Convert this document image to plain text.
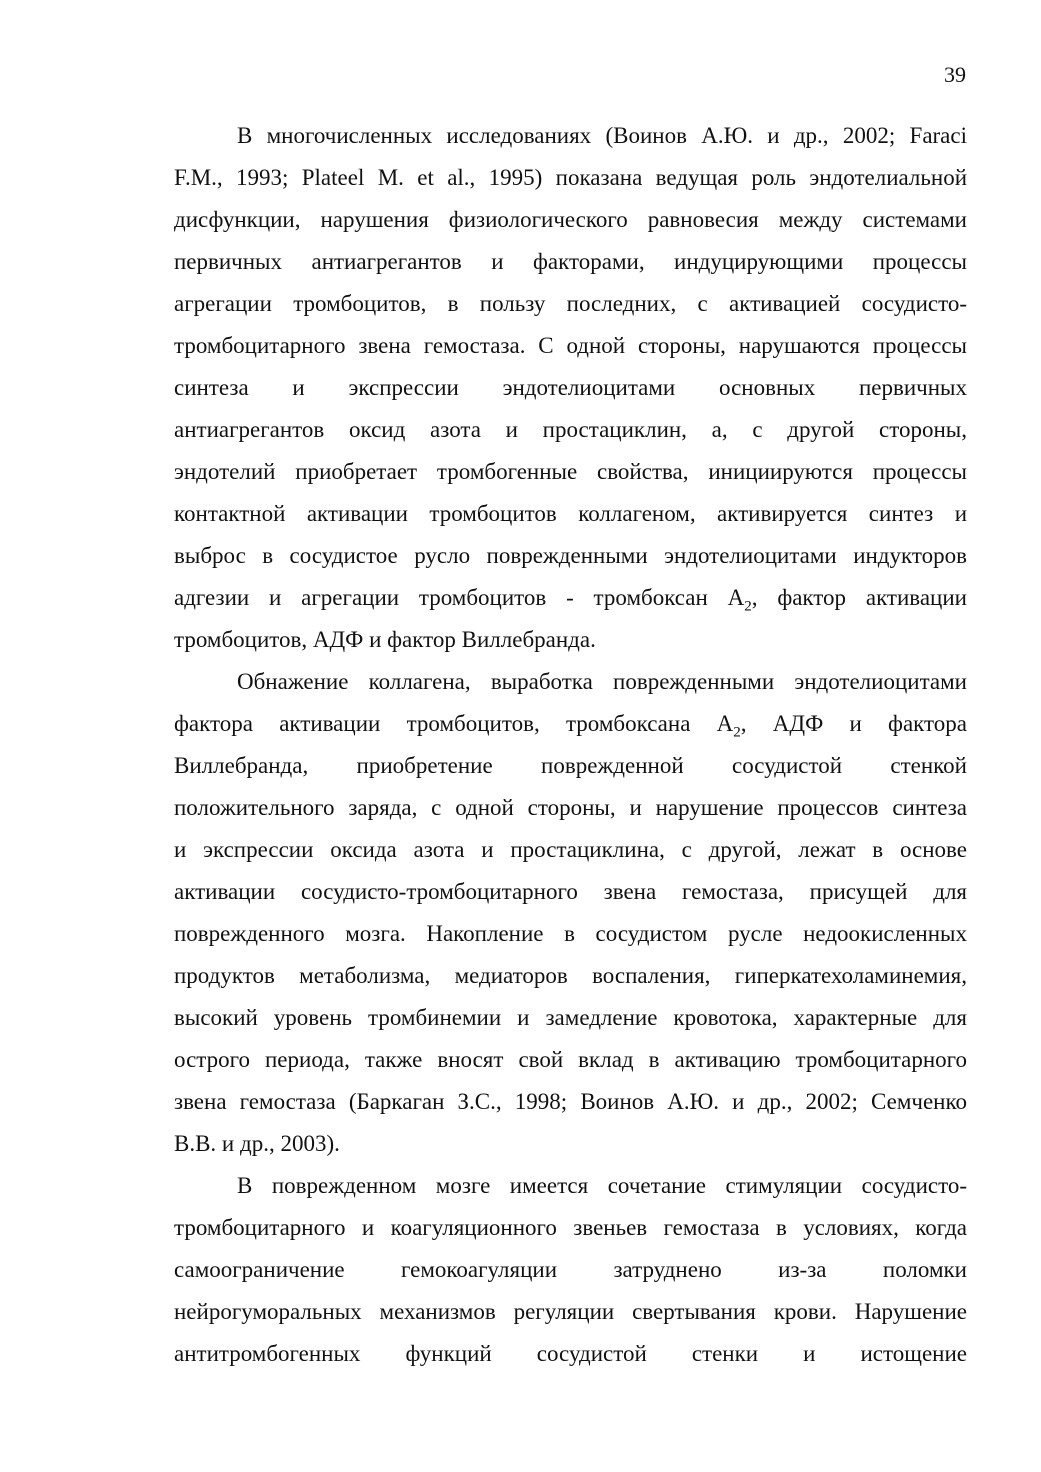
39
В многочисленных исследованиях (Воинов А.Ю. и др., 2002; Faraci
F.M., 1993; Plateel M. et al., 1995) показана ведущая роль эндотелиальной
дисфункции, нарушения физиологического равновесия между системами
первичных антиагрегантов и факторами, индуцирующими процессы
агрегации тромбоцитов, в пользу последних, с активацией сосудисто-
тромбоцитарного звена гемостаза. С одной стороны, нарушаются процессы
синтеза и экспрессии эндотелиоцитами основных первичных
антиагрегантов оксид азота и простациклин, а, с другой стороны,
эндотелий приобретает тромбогенные свойства, инициируются процессы
контактной активации тромбоцитов коллагеном, активируется синтез и
выброс в сосудистое русло поврежденными эндотелиоцитами индукторов
адгезии и агрегации тромбоцитов - тромбоксан $А_2$, фактор активации
тромбоцитов, АДФ и фактор Виллебранда.
Обнажение коллагена, выработка поврежденными эндотелиоцитами
фактора активации тромбоцитов, тромбоксана $А_2$, АДФ и фактора
Виллебранда, приобретение поврежденной сосудистой стенкой
положительного заряда, с одной стороны, и нарушение процессов синтеза
и экспрессии оксида азота и простациклина, с другой, лежат в основе
активации сосудисто-тромбоцитарного звена гемостаза, присущей для
поврежденного мозга. Накопление в сосудистом русле недоокисленных
продуктов метаболизма, медиаторов воспаления, гиперкатехоламинемия,
высокий уровень тромбинемии и замедление кровотока, характерные для
острого периода, также вносят свой вклад в активацию тромбоцитарного
звена гемостаза (Баркаган З.С., 1998; Воинов А.Ю. и др., 2002; Семченко
В.В. и др., 2003).
В поврежденном мозге имеется сочетание стимуляции сосудисто-
тромбоцитарного и коагуляционного звеньев гемостаза в условиях, когда
самоограничение гемокоагуляции затруднено из-за поломки
нейрогуморальных механизмов регуляции свертывания крови. Нарушение
антитромбогенных функций сосудистой стенки и истощение
